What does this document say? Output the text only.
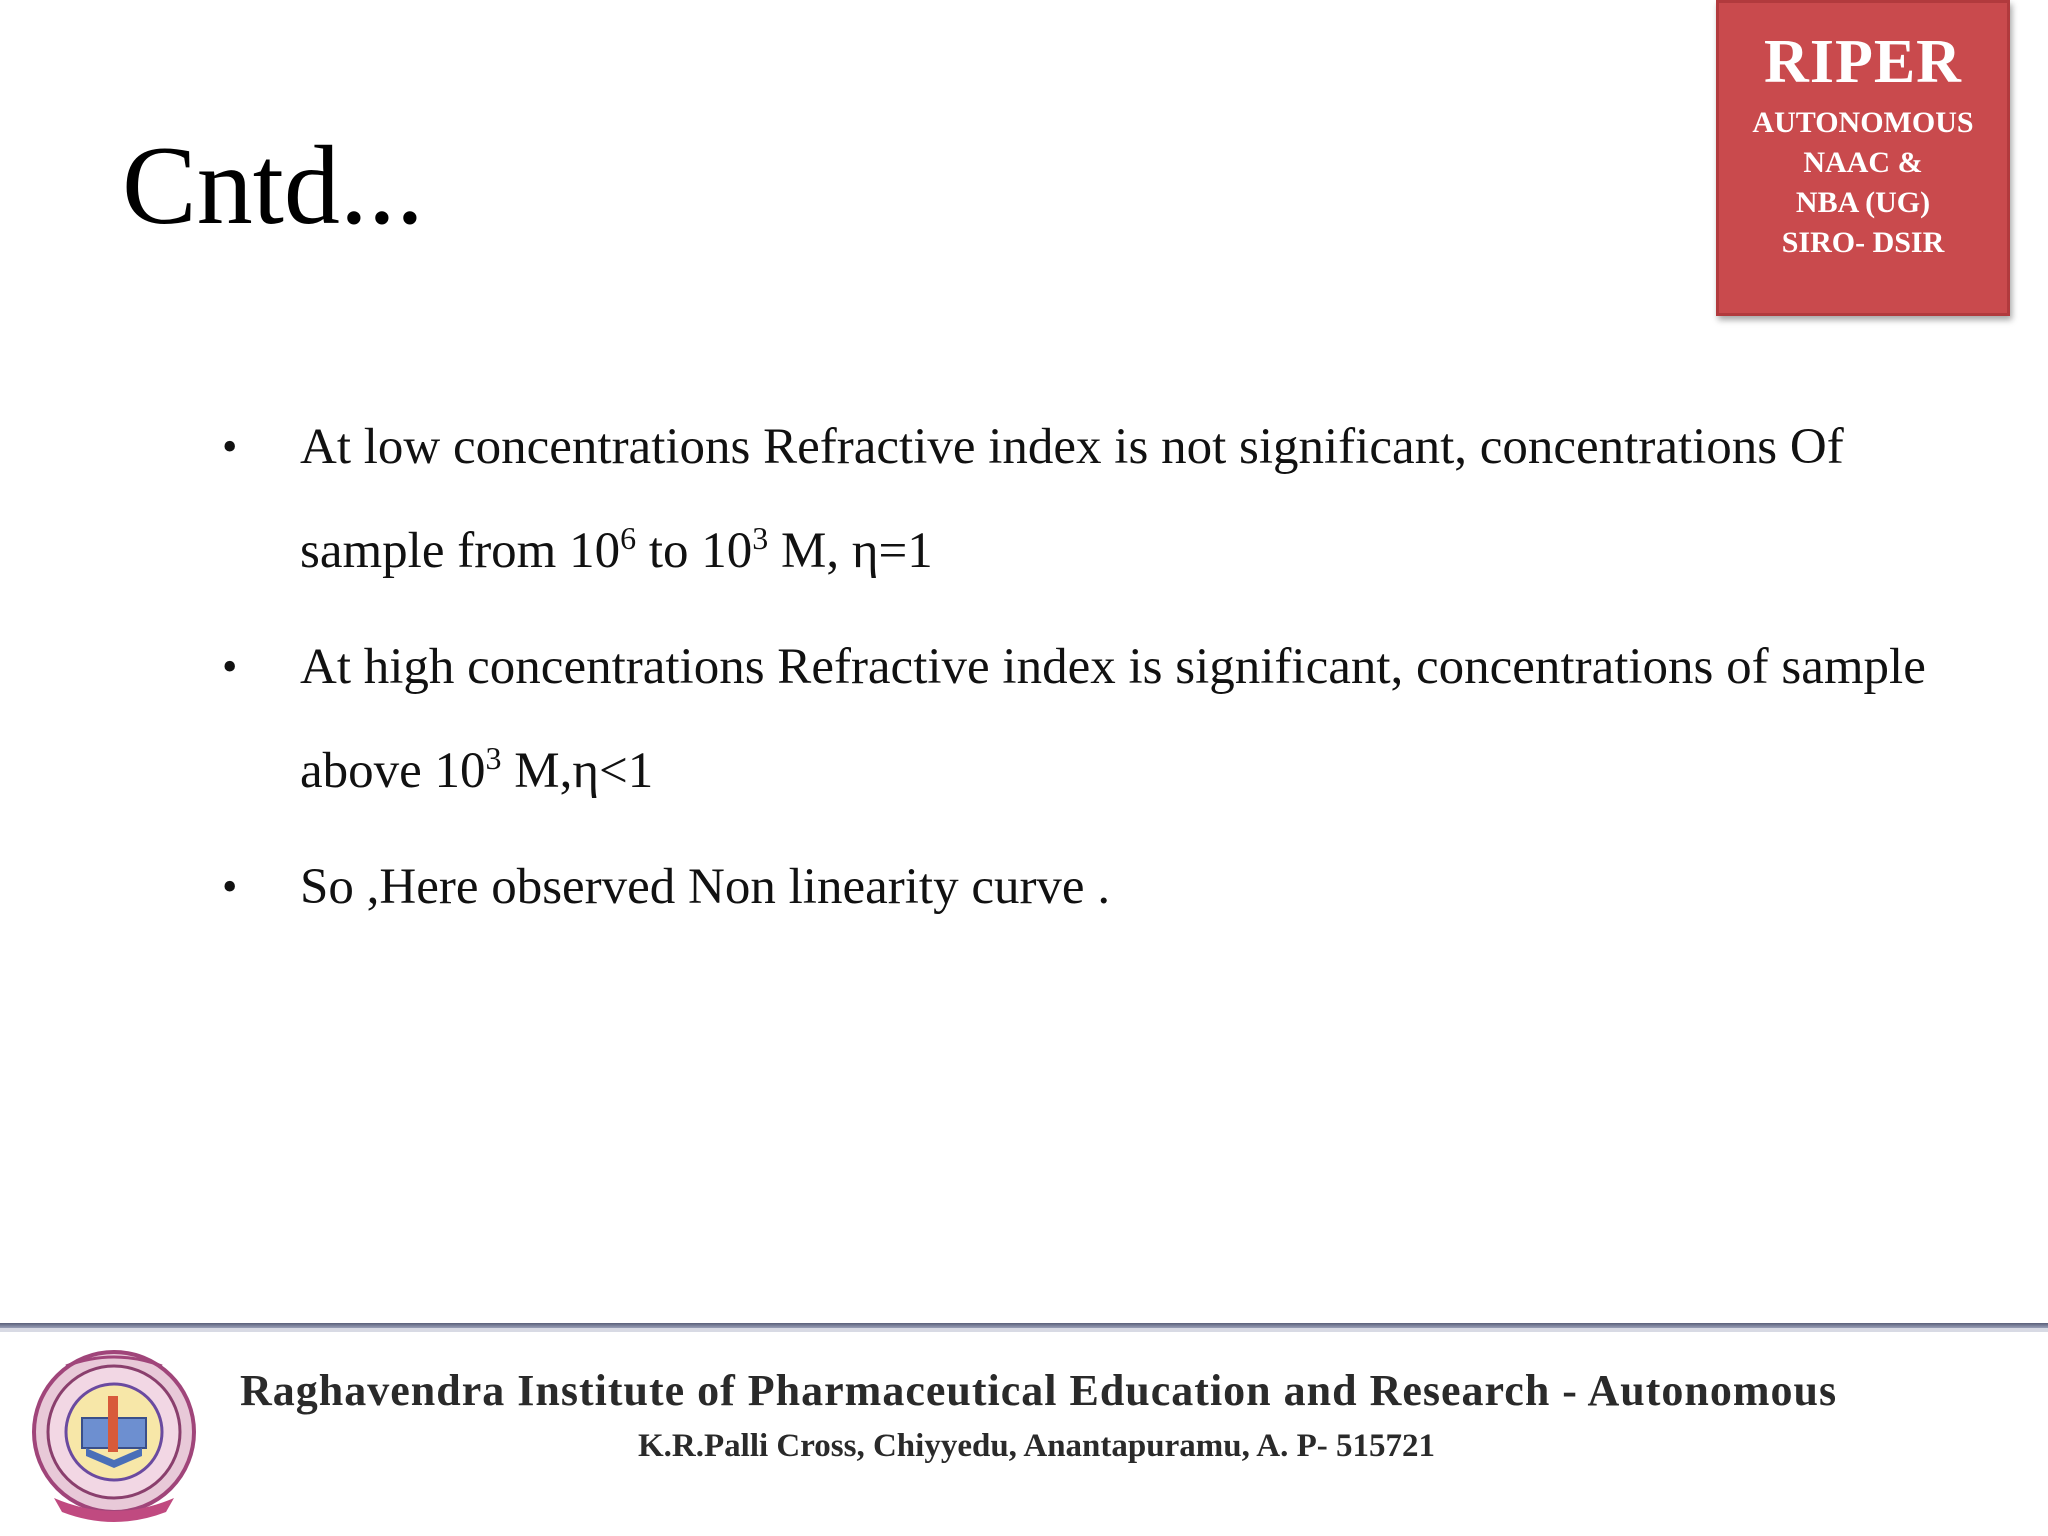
Cntd...
RIPER
AUTONOMOUS
NAAC &
NBA (UG)
SIRO- DSIR
• At low concentrations Refractive index is not significant, concentrations Of sample from $10^6$ to $10^3$ M, η=1
• At high concentrations Refractive index is significant, concentrations of sample above $10^3$ M,η<1
• So ,Here observed Non linearity curve .
Raghavendra Institute of Pharmaceutical Education and Research - Autonomous
K.R.Palli Cross, Chiyyedu, Anantapuramu, A. P- 515721
